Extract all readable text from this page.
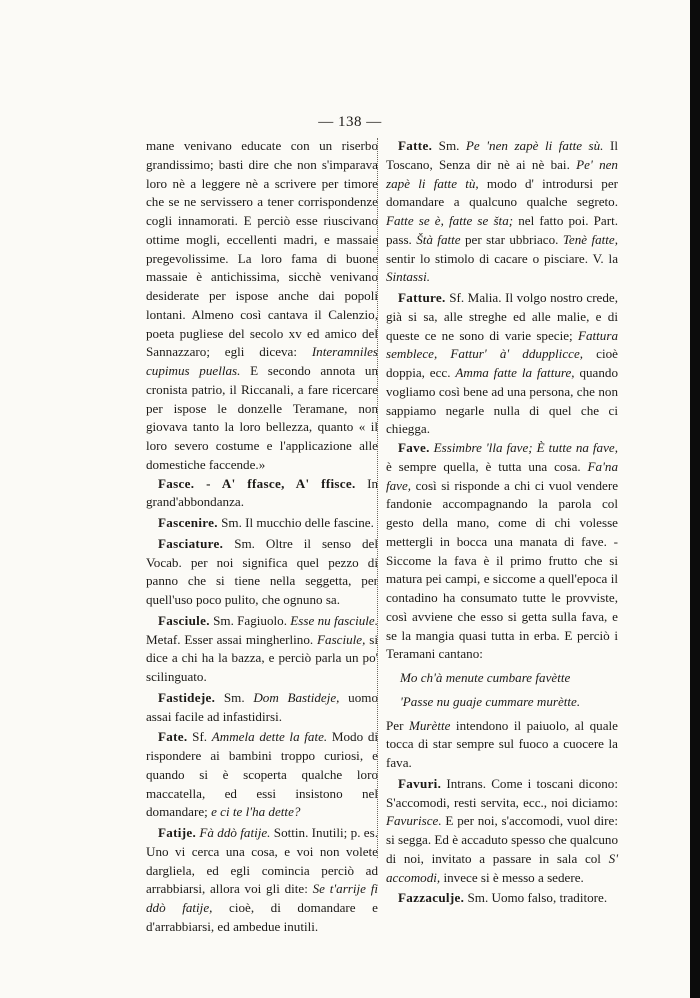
— 138 —

mane venivano educate con un riserbo grandissimo; basti dire che non s'imparava loro nè a leggere nè a scrivere per timore che se ne servissero a tener corrispondenze cogli innamorati. E perciò esse riuscivano ottime mogli, eccellenti madri, e massaie pregevolissime. La loro fama di buone massaie è antichissima, sicchè venivano desiderate per ispose anche dai popoli lontani. Almeno così cantava il Calenzio, poeta pugliese del secolo xv ed amico del Sannazzaro; egli diceva: Interamniles cupimus puellas. E secondo annota un cronista patrio, il Riccanali, a fare ricercare per ispose le donzelle Teramane, non giovava tanto la loro bellezza, quanto « il loro severo costume e l'applicazione alle domestiche faccende.»

Fasce. - A' ffasce, A' ffisce. In grand'abbondanza.

Fascenire. Sm. Il mucchio delle fascine.

Fasciature. Sm. Oltre il senso del Vocab. per noi significa quel pezzo di panno che si tiene nella seggetta, per quell'uso poco pulito, che ognuno sa.

Fasciule. Sm. Fagiuolo. Esse nu fasciule. Metaf. Esser assai mingherlino. Fasciule, si dice a chi ha la bazza, e perciò parla un po' scilinguato.

Fastideje. Sm. Dom Bastideje, uomo assai facile ad infastidirsi.

Fate. Sf. Ammela dette la fate. Modo di rispondere ai bambini troppo curiosi, e quando si è scoperta qualche loro maccatella, ed essi insistono nel domandare; e ci te l'ha dette?

Fatije. Fà ddò fatije. Sottin. Inutili; p. es. Uno vi cerca una cosa, e voi non volete dargliela, ed egli comincia perciò ad arrabbiarsi, allora voi gli dite: Se t'arrije fi ddò fatije, cioè, di domandare e d'arrabbiarsi, ed ambedue inutili.

Fatte. Sm. Pe 'nen zapè li fatte sù. Il Toscano, Senza dir nè ai nè bai. Pe' nen zapè li fatte tù, modo d' introdursi per domandare a qualcuno qualche segreto. Fatte se è, fatte se šta; nel fatto poi. Part. pass. Štà fatte per star ubbriaco. Tenè fatte, sentir lo stimolo di cacare o pisciare. V. la Sintassi.

Fatture. Sf. Malia. Il volgo nostro crede, già si sa, alle streghe ed alle malie, e di queste ce ne sono di varie specie; Fattura semblece, Fattur' à' ddupplicce, cioè doppia, ecc. Amma fatte la fatture, quando vogliamo così bene ad una persona, che non sappiamo negarle nulla di quel che ci chiegga.

Fave. Essimbre 'lla fave; È tutte na fave, è sempre quella, è tutta una cosa. Fa'na fave, così si risponde a chi ci vuol vendere fandonie accompagnando la parola col gesto della mano, come di chi volesse mettergli in bocca una manata di fave. - Siccome la fava è il primo frutto che si matura pei campi, e siccome a quell'epoca il contadino ha consumato tutte le provviste, così avviene che esso si getta sulla fava, e se la mangia quasi tutta in erba. E perciò i Teramani cantano:

Mo ch'à menute cumbare favètte

'Passe nu guaje cummare murètte.

Per Murètte intendono il paiuolo, al quale tocca di star sempre sul fuoco a cuocere la fava.

Favuri. Intrans. Come i toscani dicono: S'accomodi, resti servita, ecc., noi diciamo: Favurisce. E per noi, s'accomodi, vuol dire: si segga. Ed è accaduto spesso che qualcuno di noi, invitato a passare in sala col S' accomodi, invece si è messo a sedere.

Fazzaculje. Sm. Uomo falso, traditore.
